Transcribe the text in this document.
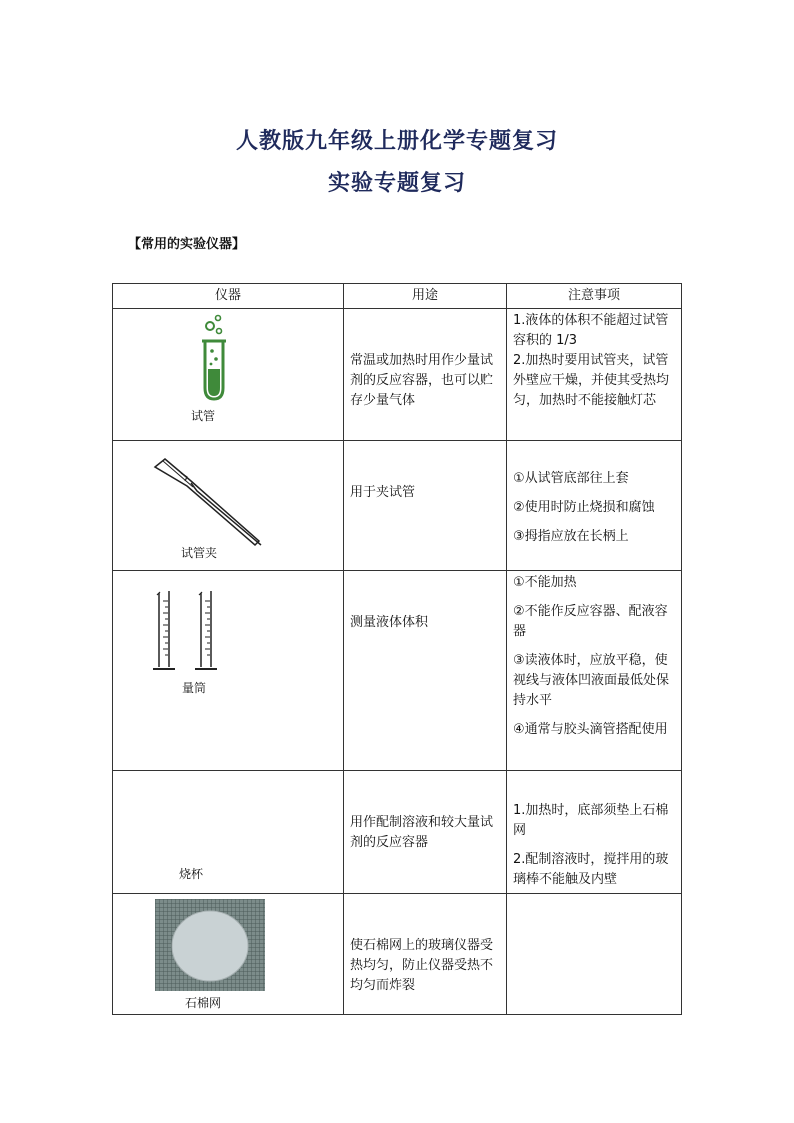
人教版九年级上册化学专题复习
实验专题复习
【常用的实验仪器】
仪器	用途	注意事项

试管	常温或加热时用作少量试剂的反应容器，也可以贮存少量气体	1.液体的体积不能超过试管容积的 1/3

2.加热时要用试管夹，试管外壁应干燥，并使其受热均匀，加热时不能接触灯芯

试管夹	用于夹试管	①从试管底部往上套

②使用时防止烧损和腐蚀

③拇指应放在长柄上

量筒	测量液体体积	①不能加热

②不能作反应容器、配液容器

③读液体时，应放平稳，使视线与液体凹液面最低处保持水平

④通常与胶头滴管搭配使用

烧杯	用作配制溶液和较大量试剂的反应容器	1.加热时，底部须垫上石棉网

2.配制溶液时，搅拌用的玻璃棒不能触及内壁

石棉网	使石棉网上的玻璃仪器受热均匀，防止仪器受热不均匀而炸裂	
